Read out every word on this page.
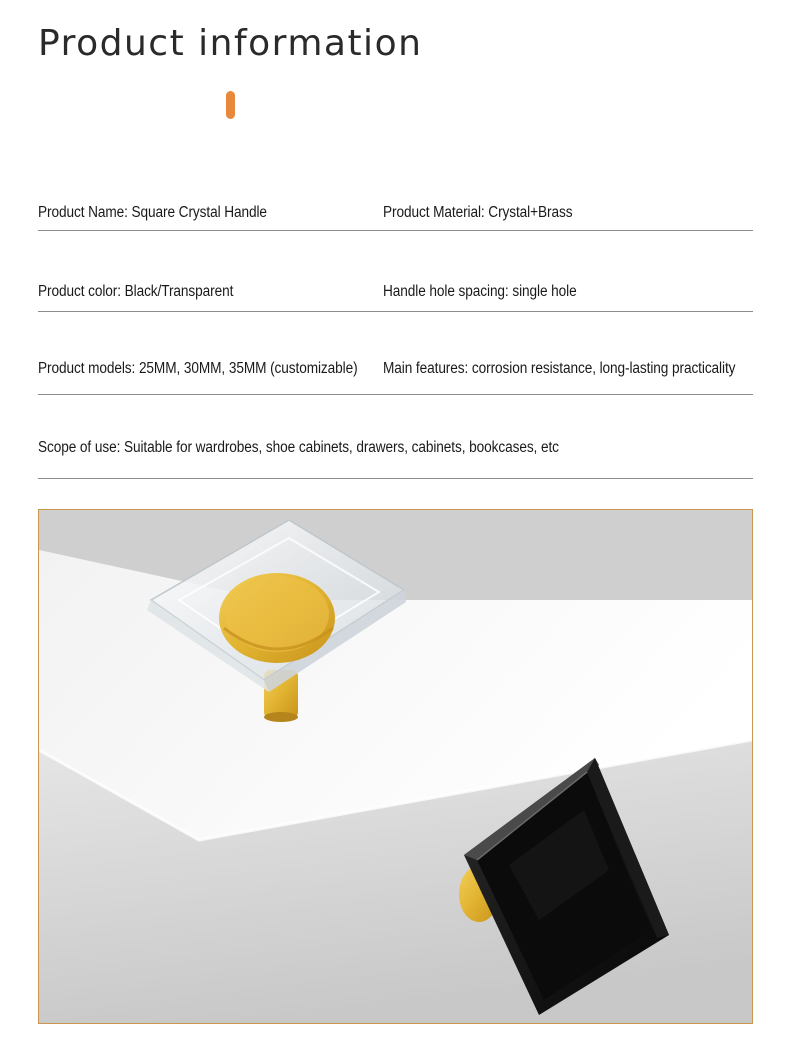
Product information
Product Name: Square Crystal Handle	Product Material: Crystal+Brass
Product color: Black/Transparent	Handle hole spacing: single hole
Product models: 25MM, 30MM, 35MM (customizable) Main features: corrosion resistance, long-lasting practicality
Scope of use: Suitable for wardrobes, shoe cabinets, drawers, cabinets, bookcases, etc
